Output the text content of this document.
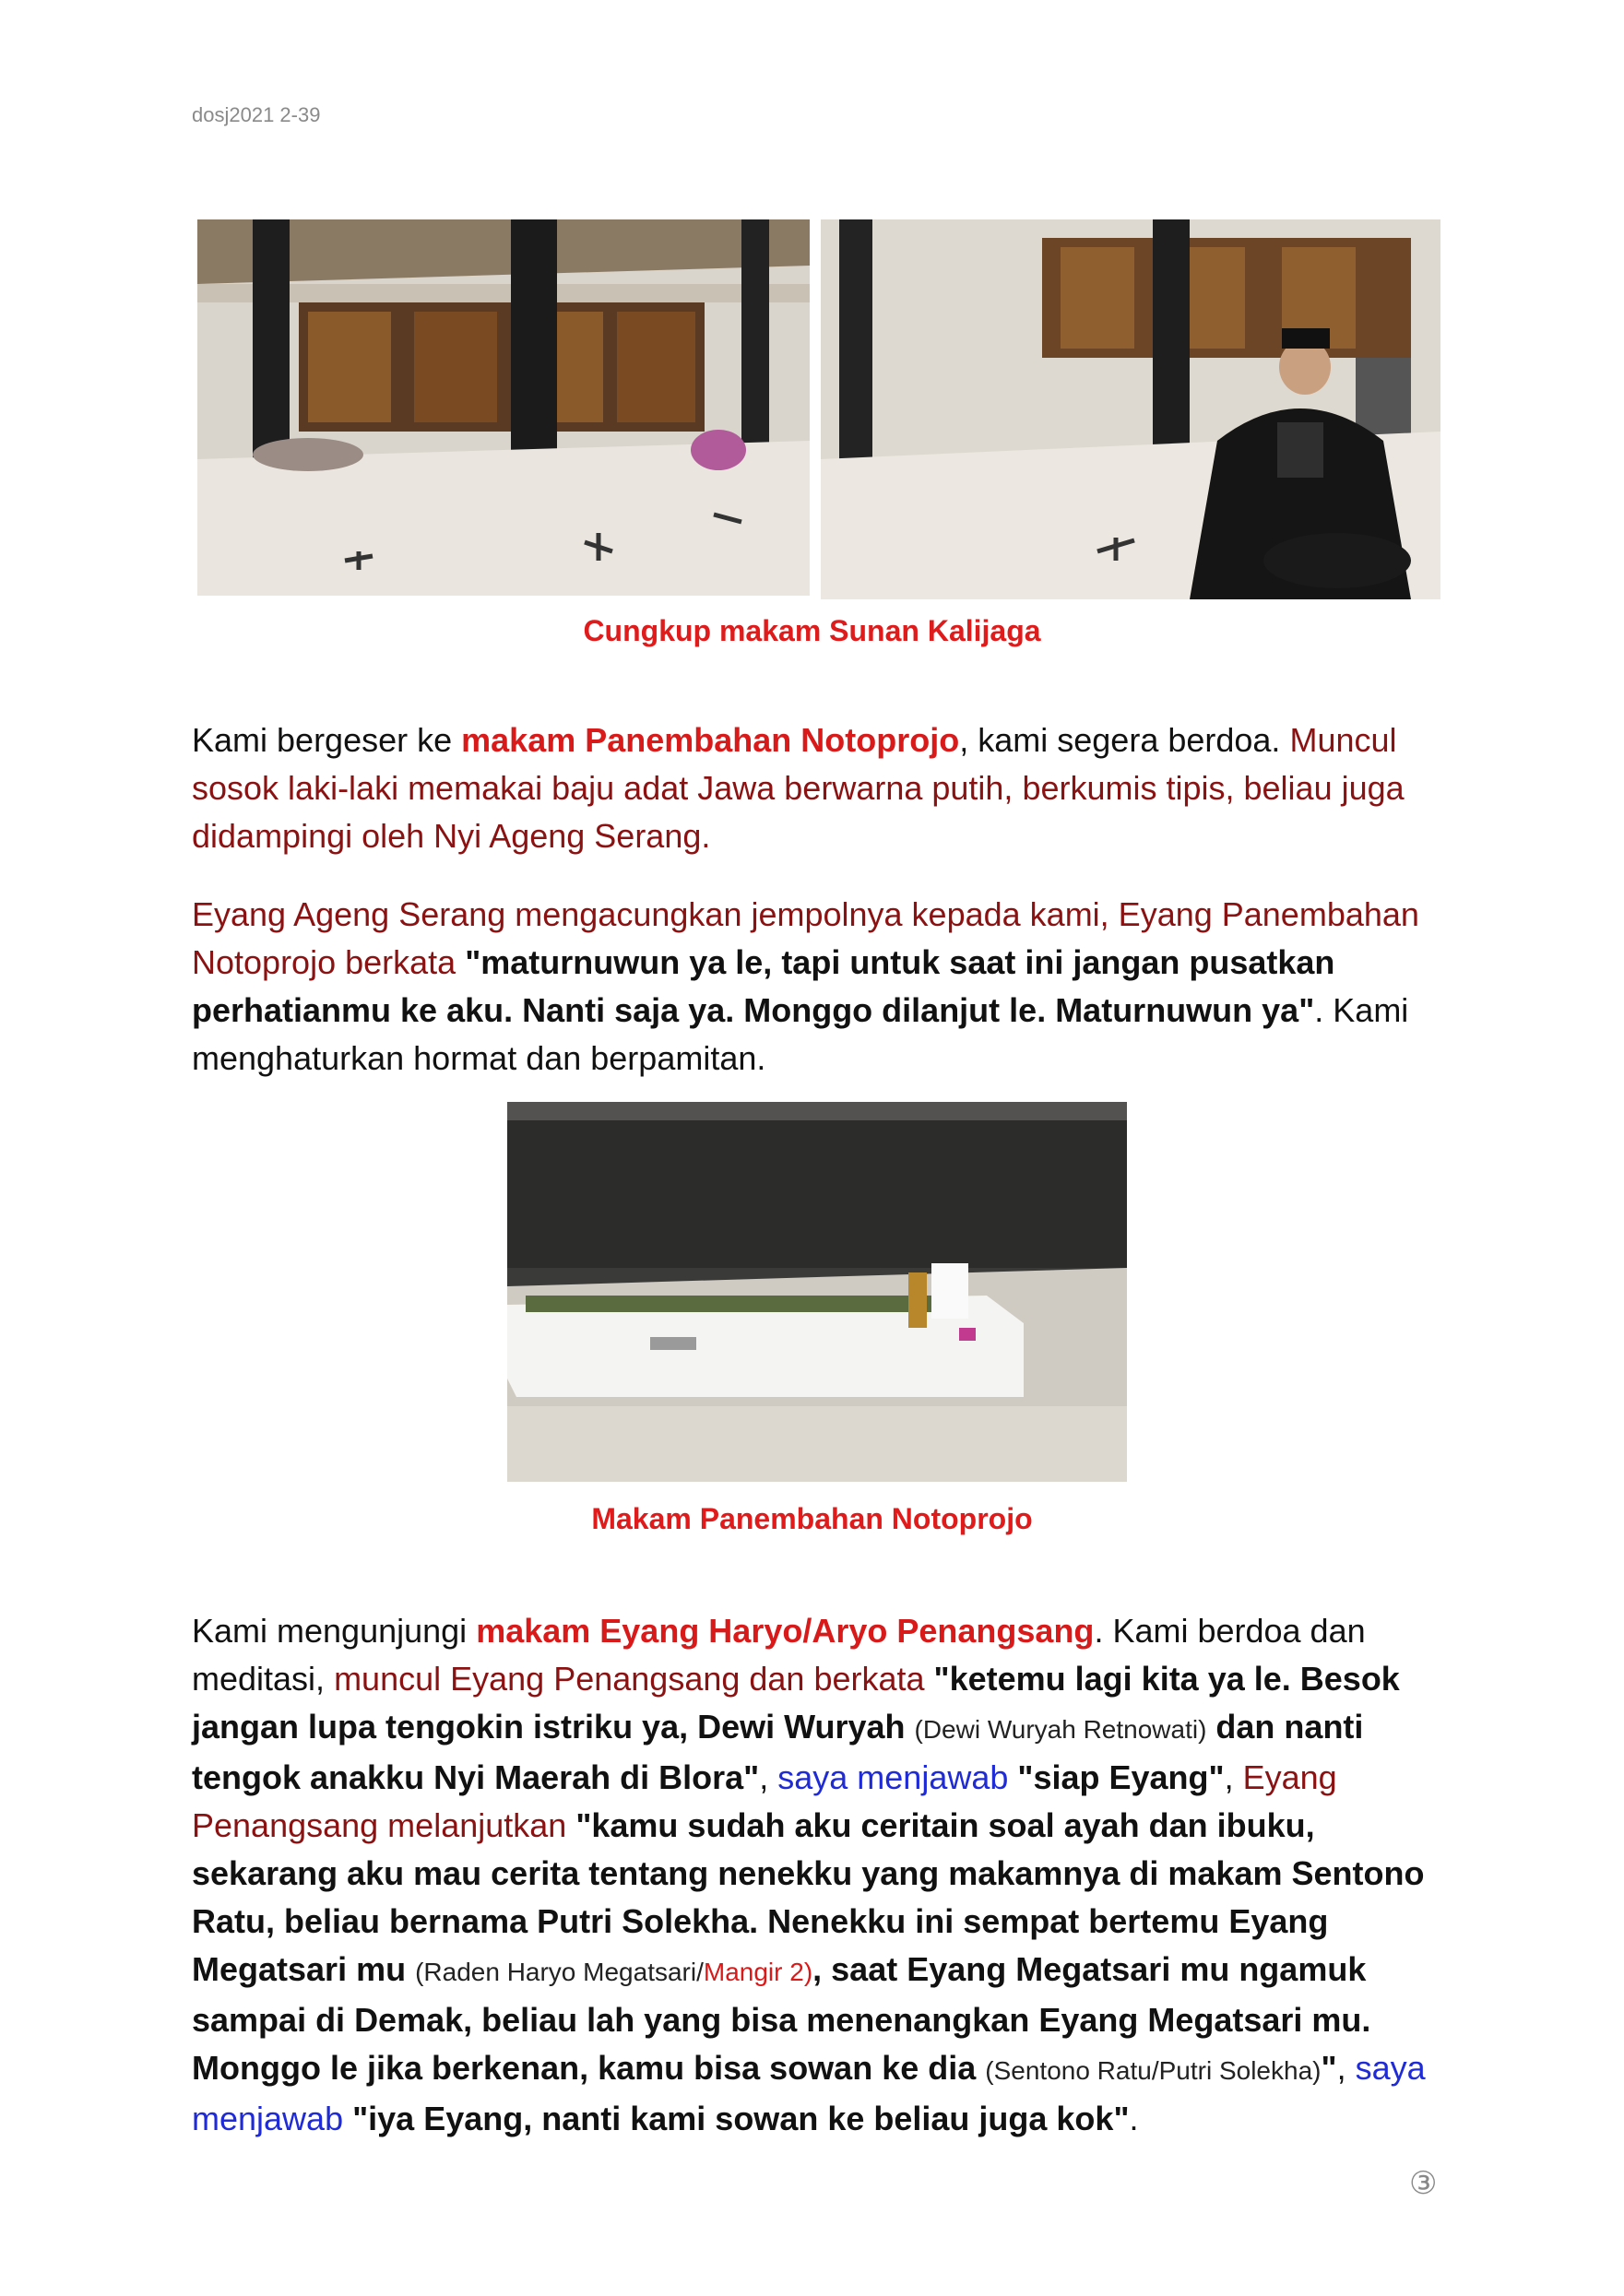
dosj2021 2-39
Cungkup makam Sunan Kalijaga
Kami bergeser ke makam Panembahan Notoprojo, kami segera berdoa. Muncul sosok laki-laki memakai baju adat Jawa berwarna putih, berkumis tipis, beliau juga didampingi oleh Nyi Ageng Serang.
Eyang Ageng Serang mengacungkan jempolnya kepada kami, Eyang Panembahan Notoprojo berkata "maturnuwun ya le, tapi untuk saat ini jangan pusatkan perhatianmu ke aku. Nanti saja ya. Monggo dilanjut le. Maturnuwun ya". Kami menghaturkan hormat dan berpamitan.
Makam Panembahan Notoprojo
Kami mengunjungi makam Eyang Haryo/Aryo Penangsang. Kami berdoa dan meditasi, muncul Eyang Penangsang dan berkata "ketemu lagi kita ya le. Besok jangan lupa tengokin istriku ya, Dewi Wuryah (Dewi Wuryah Retnowati) dan nanti tengok anakku Nyi Maerah di Blora", saya menjawab "siap Eyang", Eyang Penangsang melanjutkan "kamu sudah aku ceritain soal ayah dan ibuku, sekarang aku mau cerita tentang nenekku yang makamnya di makam Sentono Ratu, beliau bernama Putri Solekha. Nenekku ini sempat bertemu Eyang Megatsari mu (Raden Haryo Megatsari/Mangir 2), saat Eyang Megatsari mu ngamuk sampai di Demak, beliau lah yang bisa menenangkan Eyang Megatsari mu. Monggo le jika berkenan, kamu bisa sowan ke dia (Sentono Ratu/Putri Solekha)", saya menjawab "iya Eyang, nanti kami sowan ke beliau juga kok".
③
